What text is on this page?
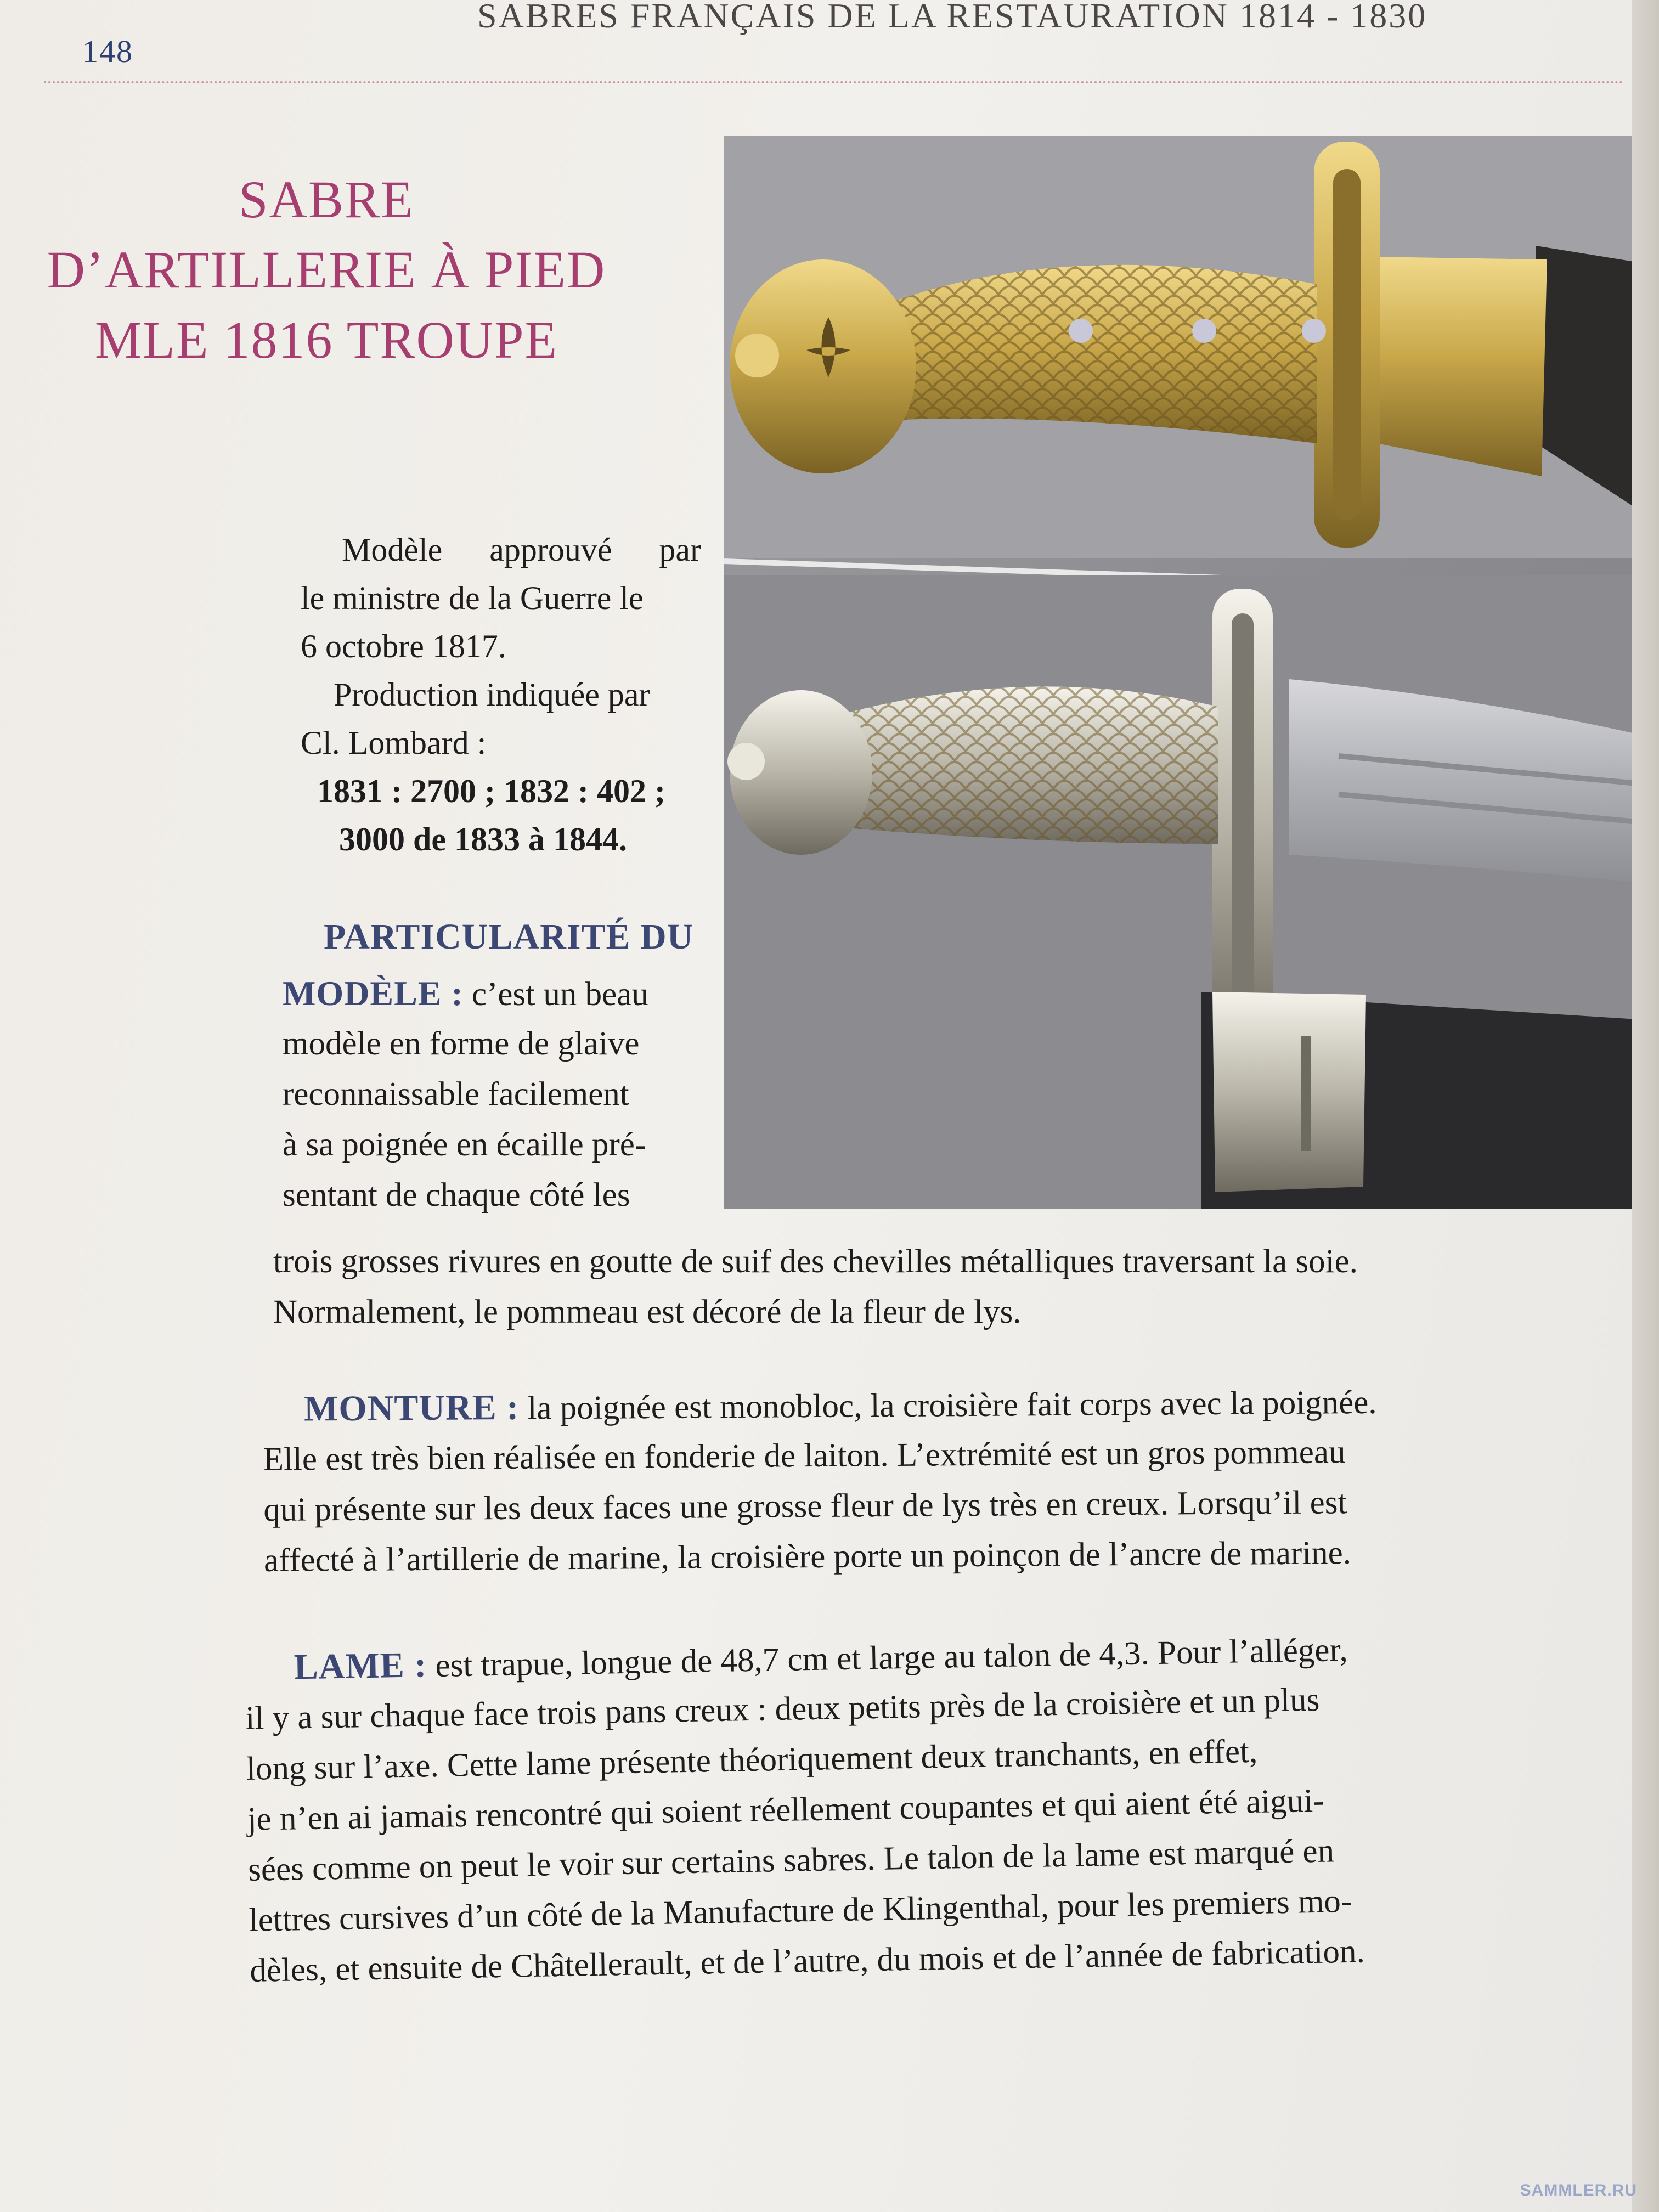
148
SABRES FRANÇAIS DE LA RESTAURATION 1814 - 1830
SABRE
D’ARTILLERIE À PIED
MLE 1816 TROUPE
Modèle approuvé par
le ministre de la Guerre le
6 octobre 1817.
Production indiquée par
Cl. Lombard :
1831 : 2700 ; 1832 : 402 ;
3000 de 1833 à 1844.
PARTICULARITÉ DU
MODÈLE : c’est un beau
modèle en forme de glaive
reconnaissable facilement
à sa poignée en écaille pré-
sentant de chaque côté les
trois grosses rivures en goutte de suif des chevilles métalliques traversant la soie.
Normalement, le pommeau est décoré de la fleur de lys.
MONTURE : la poignée est monobloc, la croisière fait corps avec la poignée.
Elle est très bien réalisée en fonderie de laiton. L’extrémité est un gros pommeau
qui présente sur les deux faces une grosse fleur de lys très en creux. Lorsqu’il est
affecté à l’artillerie de marine, la croisière porte un poinçon de l’ancre de marine.
LAME : est trapue, longue de 48,7 cm et large au talon de 4,3. Pour l’alléger,
il y a sur chaque face trois pans creux : deux petits près de la croisière et un plus
long sur l’axe. Cette lame présente théoriquement deux tranchants, en effet,
je n’en ai jamais rencontré qui soient réellement coupantes et qui aient été aigui-
sées comme on peut le voir sur certains sabres. Le talon de la lame est marqué en
lettres cursives d’un côté de la Manufacture de Klingenthal, pour les premiers mo-
dèles, et ensuite de Châtellerault, et de l’autre, du mois et de l’année de fabrication.
SAMMLER.RU
